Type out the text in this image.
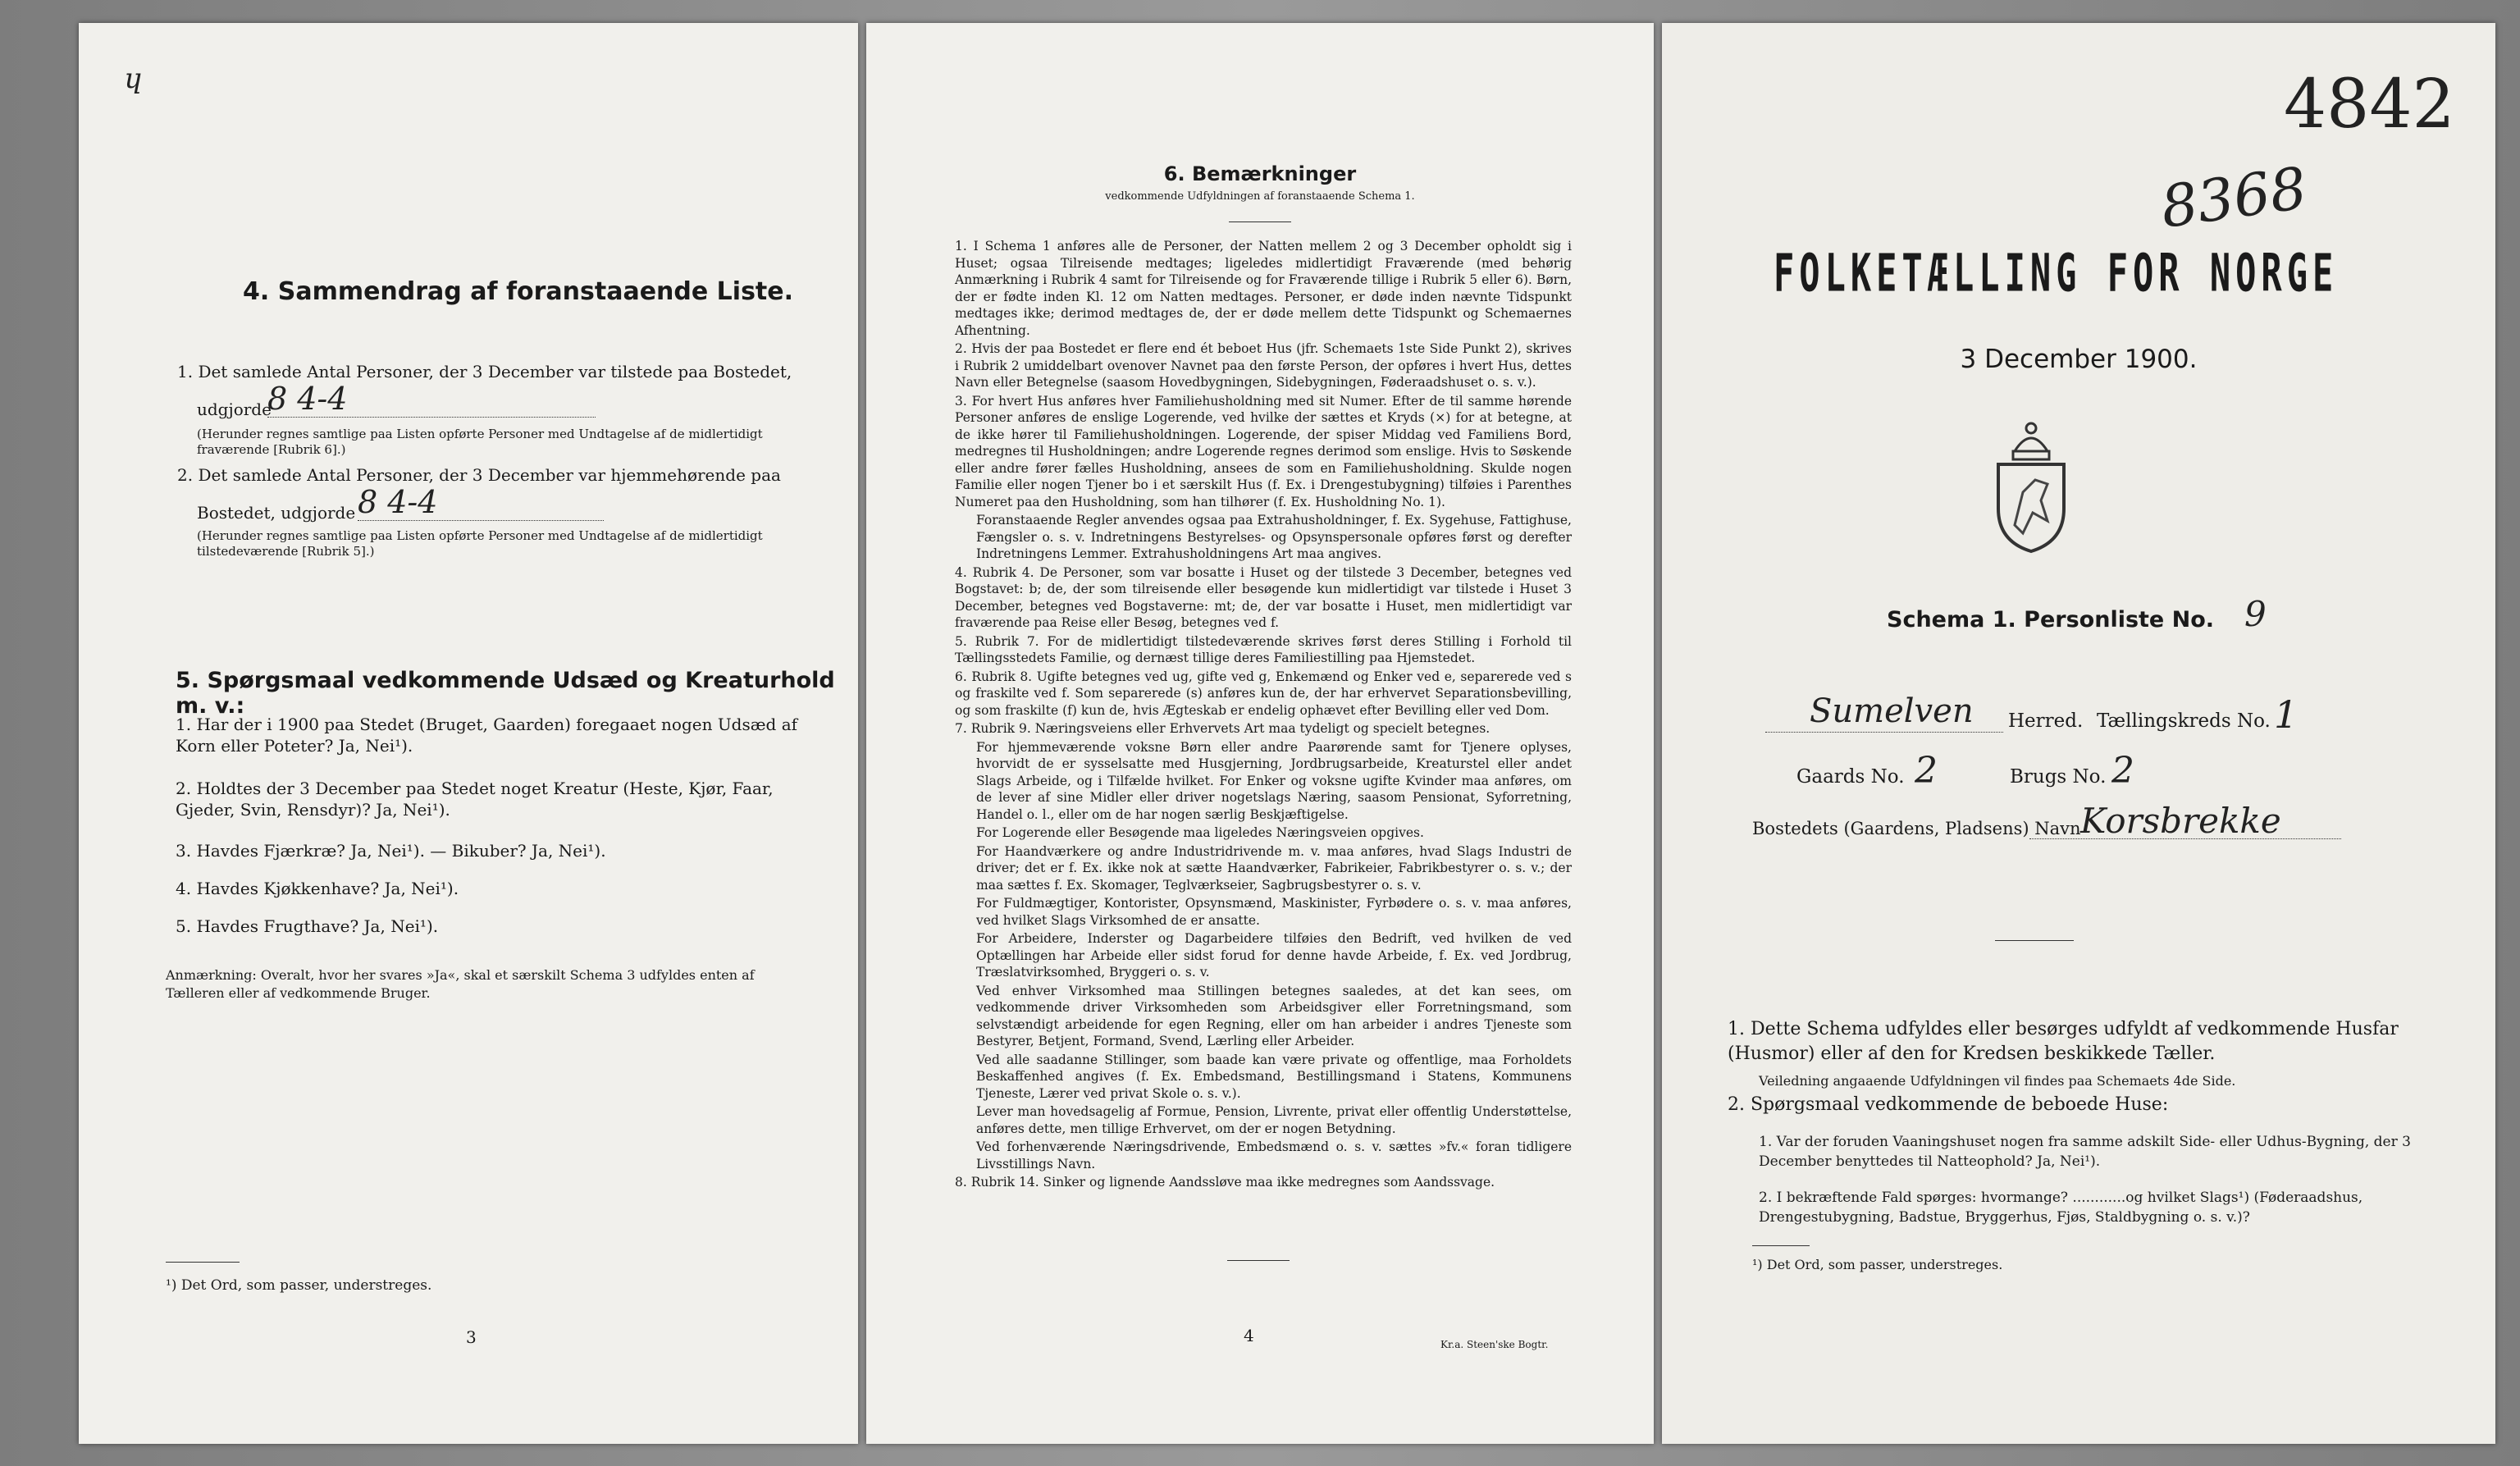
ɥ
4. Sammendrag af foranstaaende Liste.
1. Det samlede Antal Personer, der 3 December var tilstede paa Bostedet,
udgjorde
8 4-4
(Herunder regnes samtlige paa Listen opførte Personer med Undtagelse af de midlertidigt fraværende [Rubrik 6].)
2. Det samlede Antal Personer, der 3 December var hjemmehørende paa
Bostedet, udgjorde 8 4-4
(Herunder regnes samtlige paa Listen opførte Personer med Undtagelse af de midlertidigt tilstedeværende [Rubrik 5].)
5. Spørgsmaal vedkommende Udsæd og Kreaturhold m. v.:
1. Har der i 1900 paa Stedet (Bruget, Gaarden) foregaaet nogen Udsæd af Korn eller Poteter? Ja, Nei¹).
2. Holdtes der 3 December paa Stedet noget Kreatur (Heste, Kjør, Faar, Gjeder, Svin, Rensdyr)? Ja, Nei¹).
3. Havdes Fjærkræ? Ja, Nei¹). — Bikuber? Ja, Nei¹).
4. Havdes Kjøkkenhave? Ja, Nei¹).
5. Havdes Frugthave? Ja, Nei¹).
Anmærkning: Overalt, hvor her svares »Ja«, skal et særskilt Schema 3 udfyldes enten af Tælleren eller af vedkommende Bruger.
¹) Det Ord, som passer, understreges.
3
6. Bemærkninger
vedkommende Udfyldningen af foranstaaende Schema 1.

1. I Schema 1 anføres alle de Personer, der Natten mellem 2 og 3 December opholdt sig i Huset; ogsaa Tilreisende medtages; ligeledes midlertidigt Fraværende (med behørig Anmærkning i Rubrik 4 samt for Tilreisende og for Fraværende tillige i Rubrik 5 eller 6). Børn, der er fødte inden Kl. 12 om Natten medtages. Personer, er døde inden nævnte Tidspunkt medtages ikke; derimod medtages de, der er døde mellem dette Tidspunkt og Schemaernes Afhentning.

2. Hvis der paa Bostedet er flere end ét beboet Hus (jfr. Schemaets 1ste Side Punkt 2), skrives i Rubrik 2 umiddelbart ovenover Navnet paa den første Person, der opføres i hvert Hus, dettes Navn eller Betegnelse (saasom Hovedbygningen, Sidebygningen, Føderaadshuset o. s. v.).

3. For hvert Hus anføres hver Familiehusholdning med sit Numer. Efter de til samme hørende Personer anføres de enslige Logerende, ved hvilke der sættes et Kryds (×) for at betegne, at de ikke hører til Familiehusholdningen. Logerende, der spiser Middag ved Familiens Bord, medregnes til Husholdningen; andre Logerende regnes derimod som enslige. Hvis to Søskende eller andre fører fælles Husholdning, ansees de som en Familiehusholdning. Skulde nogen Familie eller nogen Tjener bo i et særskilt Hus (f. Ex. i Drengestubygning) tilføies i Parenthes Numeret paa den Husholdning, som han tilhører (f. Ex. Husholdning No. 1).

Foranstaaende Regler anvendes ogsaa paa Extrahusholdninger, f. Ex. Sygehuse, Fattighuse, Fængsler o. s. v. Indretningens Bestyrelses- og Opsynspersonale opføres først og derefter Indretningens Lemmer. Extrahusholdningens Art maa angives.

4. Rubrik 4. De Personer, som var bosatte i Huset og der tilstede 3 December, betegnes ved Bogstavet: b; de, der som tilreisende eller besøgende kun midlertidigt var tilstede i Huset 3 December, betegnes ved Bogstaverne: mt; de, der var bosatte i Huset, men midlertidigt var fraværende paa Reise eller Besøg, betegnes ved f.

5. Rubrik 7. For de midlertidigt tilstedeværende skrives først deres Stilling i Forhold til Tællingsstedets Familie, og dernæst tillige deres Familiestilling paa Hjemstedet.

6. Rubrik 8. Ugifte betegnes ved ug, gifte ved g, Enkemænd og Enker ved e, separerede ved s og fraskilte ved f. Som separerede (s) anføres kun de, der har erhvervet Separationsbevilling, og som fraskilte (f) kun de, hvis Ægteskab er endelig ophævet efter Bevilling eller ved Dom.

7. Rubrik 9. Næringsveiens eller Erhvervets Art maa tydeligt og specielt betegnes.

For hjemmeværende voksne Børn eller andre Paarørende samt for Tjenere oplyses, hvorvidt de er sysselsatte med Husgjerning, Jordbrugsarbeide, Kreaturstel eller andet Slags Arbeide, og i Tilfælde hvilket. For Enker og voksne ugifte Kvinder maa anføres, om de lever af sine Midler eller driver nogetslags Næring, saasom Pensionat, Syforretning, Handel o. l., eller om de har nogen særlig Beskjæftigelse.

For Logerende eller Besøgende maa ligeledes Næringsveien opgives.

For Haandværkere og andre Industridrivende m. v. maa anføres, hvad Slags Industri de driver; det er f. Ex. ikke nok at sætte Haandværker, Fabrikeier, Fabrikbestyrer o. s. v.; der maa sættes f. Ex. Skomager, Teglværkseier, Sagbrugsbestyrer o. s. v.

For Fuldmægtiger, Kontorister, Opsynsmænd, Maskinister, Fyrbødere o. s. v. maa anføres, ved hvilket Slags Virksomhed de er ansatte.

For Arbeidere, Inderster og Dagarbeidere tilføies den Bedrift, ved hvilken de ved Optællingen har Arbeide eller sidst forud for denne havde Arbeide, f. Ex. ved Jordbrug, Træslatvirksomhed, Bryggeri o. s. v.

Ved enhver Virksomhed maa Stillingen betegnes saaledes, at det kan sees, om vedkommende driver Virksomheden som Arbeidsgiver eller Forretningsmand, som selvstændigt arbeidende for egen Regning, eller om han arbeider i andres Tjeneste som Bestyrer, Betjent, Formand, Svend, Lærling eller Arbeider.

Ved alle saadanne Stillinger, som baade kan være private og offentlige, maa Forholdets Beskaffenhed angives (f. Ex. Embedsmand, Bestillingsmand i Statens, Kommunens Tjeneste, Lærer ved privat Skole o. s. v.).

Lever man hovedsagelig af Formue, Pension, Livrente, privat eller offentlig Understøttelse, anføres dette, men tillige Erhvervet, om der er nogen Betydning.

Ved forhenværende Næringsdrivende, Embedsmænd o. s. v. sættes »fv.« foran tidligere Livsstillings Navn.

8. Rubrik 14. Sinker og lignende Aandssløve maa ikke medregnes som Aandssvage.

4	Kr.a. Steen'ske Bogtr.
4842
8368
FOLKETÆLLING FOR NORGE
3 December 1900.
Schema 1. Personliste No. 9
Sumelven Herred. Tællingskreds No. 1
Gaards No. 2	Brugs No. 2
Bostedets (Gaardens, Pladsens) Navn Korsbrekke
1. Dette Schema udfyldes eller besørges udfyldt af vedkommende Husfar (Husmor) eller af den for Kredsen beskikkede Tæller.
Veiledning angaaende Udfyldningen vil findes paa Schemaets 4de Side.
2. Spørgsmaal vedkommende de beboede Huse:
1. Var der foruden Vaaningshuset nogen fra samme adskilt Side- eller Udhus-Bygning, der 3 December benyttedes til Natteophold? Ja, Nei¹).
2. I bekræftende Fald spørges: hvormange? ............og hvilket Slags¹) (Føderaadshus, Drengestubygning, Badstue, Bryggerhus, Fjøs, Staldbygning o. s. v.)?
¹) Det Ord, som passer, understreges.
